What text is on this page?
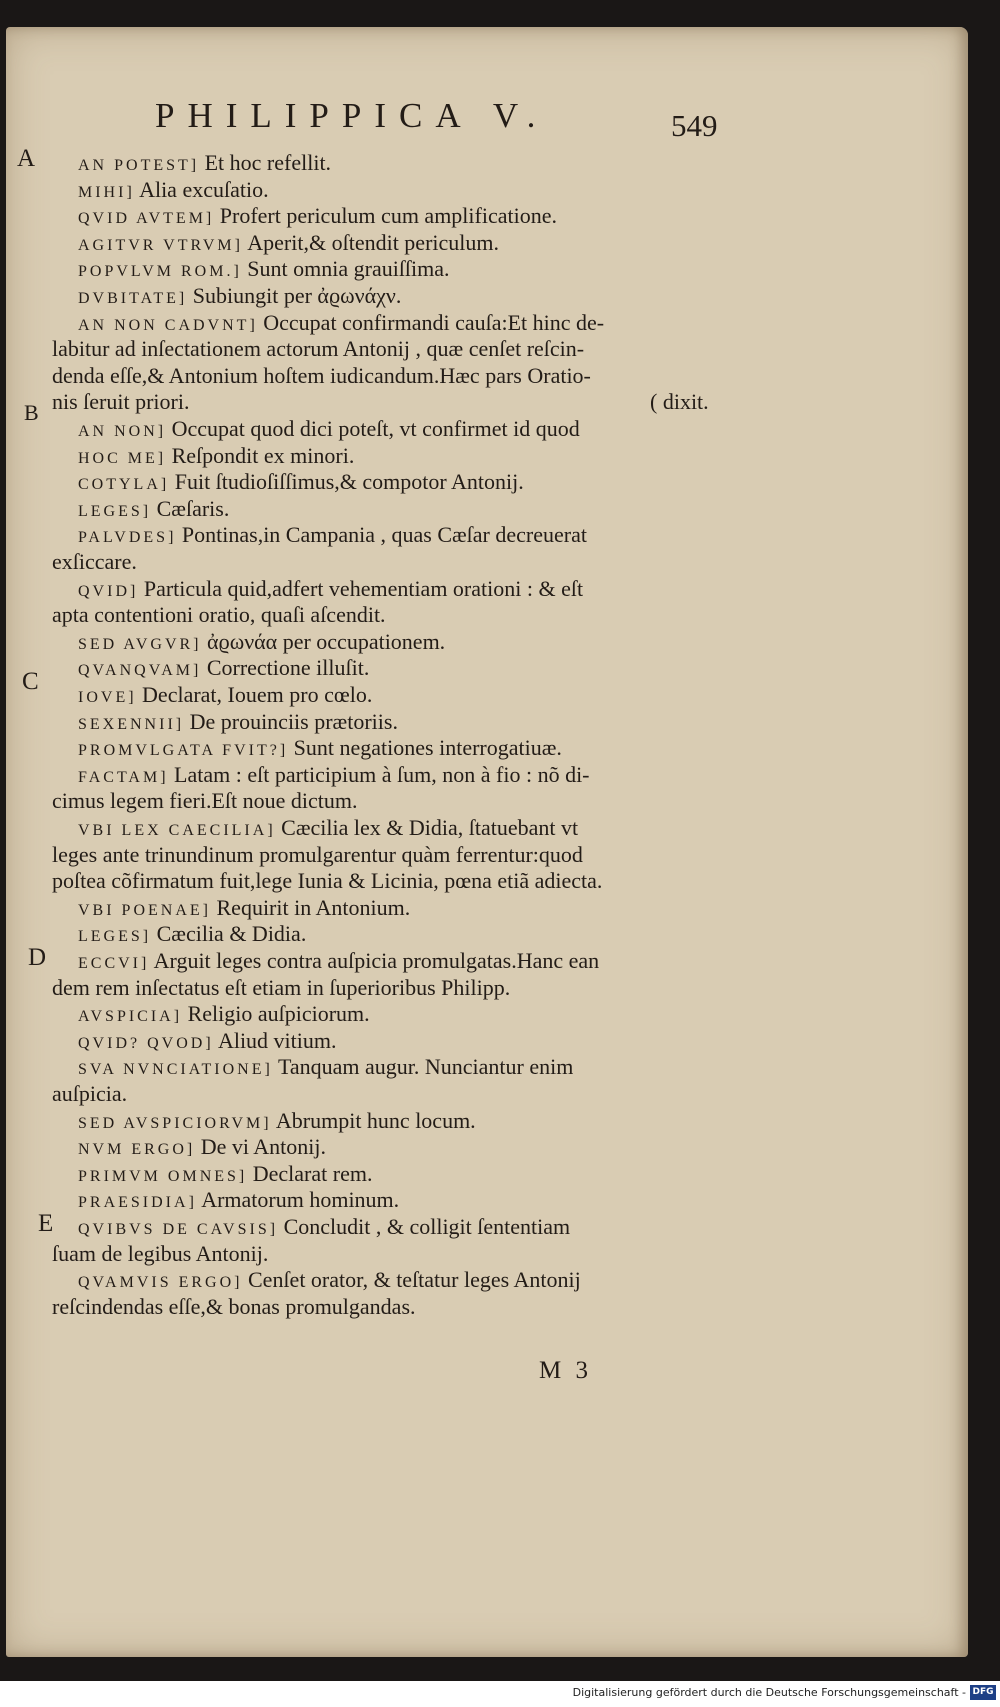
PHILIPPICA V.	549
A
B
C
D
E
AN POTEST] Et hoc refellit.
MIHI] Alia excuſatio.
QVID AVTEM] Profert periculum cum amplificatione.
AGITVR VTRVM] Aperit,& oſtendit periculum.
POPVLVM ROM.] Sunt omnia grauiſſima.
DVBITATE] Subiungit per ἀϱωνάχν.
AN NON CADVNT] Occupat confirmandi cauſa:Et hinc de-
labitur ad inſectationem actorum Antonij , quæ cenſet reſcin-
denda eſſe,& Antonium hoſtem iudicandum.Hæc pars Oratio-
nis ſeruit priori.	( dixit.
AN NON] Occupat quod dici poteſt, vt confirmet id quod
HOC ME] Reſpondit ex minori.
COTYLA] Fuit ſtudioſiſſimus,& compotor Antonij.
LEGES] Cæſaris.
PALVDES] Pontinas,in Campania , quas Cæſar decreuerat
exſiccare.
QVID] Particula quid,adfert vehementiam orationi : & eſt
apta contentioni oratio, quaſi aſcendit.
SED AVGVR] ἀϱωνάα per occupationem.
QVANQVAM] Correctione illuſit.
IOVE] Declarat, Iouem pro cœlo.
SEXENNII] De prouinciis prætoriis.
PROMVLGATA FVIT?] Sunt negationes interrogatiuæ.
FACTAM] Latam : eſt participium à ſum, non à fio : nõ di-
cimus legem fieri.Eſt noue dictum.
VBI LEX CAECILIA] Cæcilia lex & Didia, ſtatuebant vt
leges ante trinundinum promulgarentur quàm ferrentur:quod
poſtea cõfirmatum fuit,lege Iunia & Licinia, pœna etiã adiecta.
VBI POENAE] Requirit in Antonium.
LEGES] Cæcilia & Didia.
ECCVI] Arguit leges contra auſpicia promulgatas.Hanc ean
dem rem inſectatus eſt etiam in ſuperioribus Philipp.
AVSPICIA] Religio auſpiciorum.
QVID? QVOD] Aliud vitium.
SVA NVNCIATIONE] Tanquam augur. Nunciantur enim
auſpicia.
SED AVSPICIORVM] Abrumpit hunc locum.
NVM ERGO] De vi Antonij.
PRIMVM OMNES] Declarat rem.
PRAESIDIA] Armatorum hominum.
QVIBVS DE CAVSIS] Concludit , & colligit ſententiam
ſuam de legibus Antonij.
QVAMVIS ERGO] Cenſet orator, & teſtatur leges Antonij
reſcindendas eſſe,& bonas promulgandas.
M 3
Digitalisierung gefördert durch die Deutsche Forschungsgemeinschaft - DFG
